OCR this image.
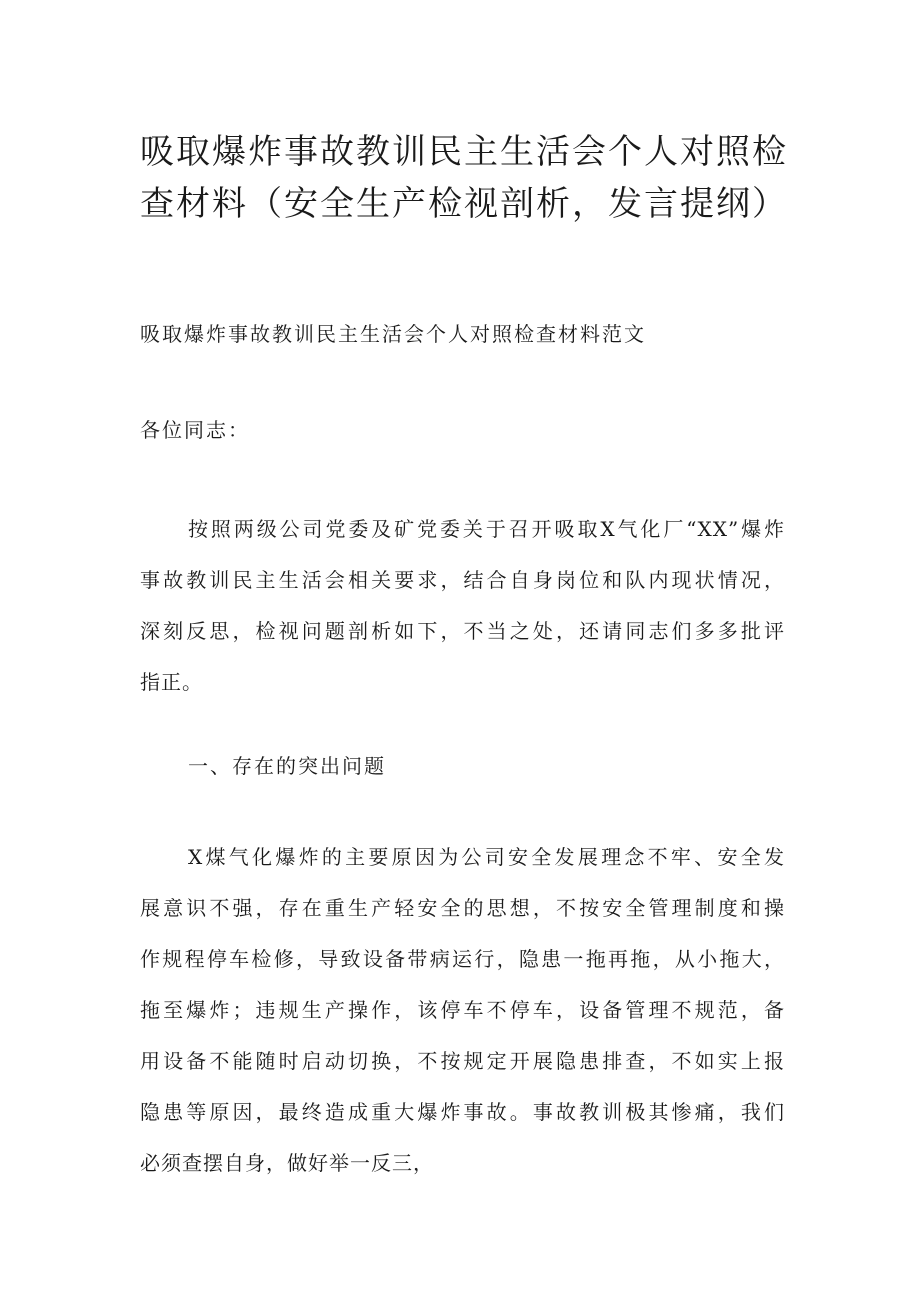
吸取爆炸事故教训民主生活会个人对照检
查材料（安全生产检视剖析，发言提纲）
吸取爆炸事故教训民主生活会个人对照检查材料范文
各位同志：
按照两级公司党委及矿党委关于召开吸取X气化厂“XX”爆炸
事故教训民主生活会相关要求，结合自身岗位和队内现状情况，
深刻反思，检视问题剖析如下，不当之处，还请同志们多多批评
指正。
一、存在的突出问题
X煤气化爆炸的主要原因为公司安全发展理念不牢、安全发
展意识不强，存在重生产轻安全的思想，不按安全管理制度和操
作规程停车检修，导致设备带病运行，隐患一拖再拖，从小拖大，
拖至爆炸；违规生产操作，该停车不停车，设备管理不规范，备
用设备不能随时启动切换，不按规定开展隐患排查，不如实上报
隐患等原因，最终造成重大爆炸事故。事故教训极其惨痛，我们
必须查摆自身，做好举一反三，
